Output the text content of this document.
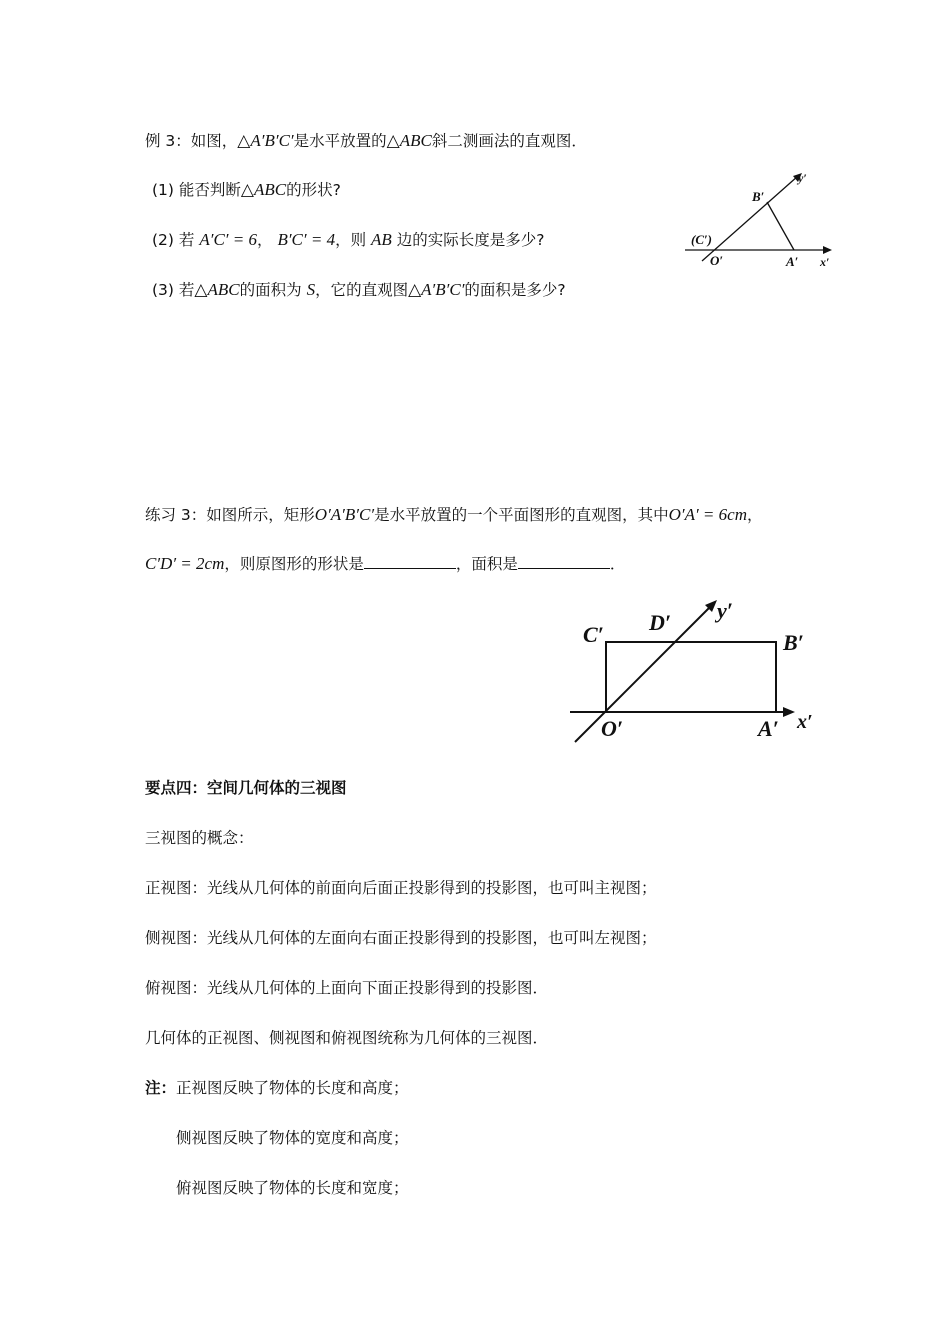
例 3：如图，△A′B′C′是水平放置的△ABC斜二测画法的直观图．
(1) 能否判断△ABC的形状?
(2) 若 A′C′ = 6， B′C′ = 4，则 AB 边的实际长度是多少?
(3) 若△ABC的面积为 S，它的直观图△A′B′C′的面积是多少?
B′
y′
(C′)
O′	A′ x′
练习 3：如图所示，矩形O′A′B′C′是水平放置的一个平面图形的直观图，其中O′A′ = 6cm，
C′D′ = 2cm，则原图形的形状是	，面积是	．
C′ D′ y′
B′
O′	A′ x′
要点四：空间几何体的三视图
三视图的概念：
正视图：光线从几何体的前面向后面正投影得到的投影图，也可叫主视图；
侧视图：光线从几何体的左面向右面正投影得到的投影图，也可叫左视图；
俯视图：光线从几何体的上面向下面正投影得到的投影图．
几何体的正视图、侧视图和俯视图统称为几何体的三视图．
注：正视图反映了物体的长度和高度；
侧视图反映了物体的宽度和高度；
俯视图反映了物体的长度和宽度；
